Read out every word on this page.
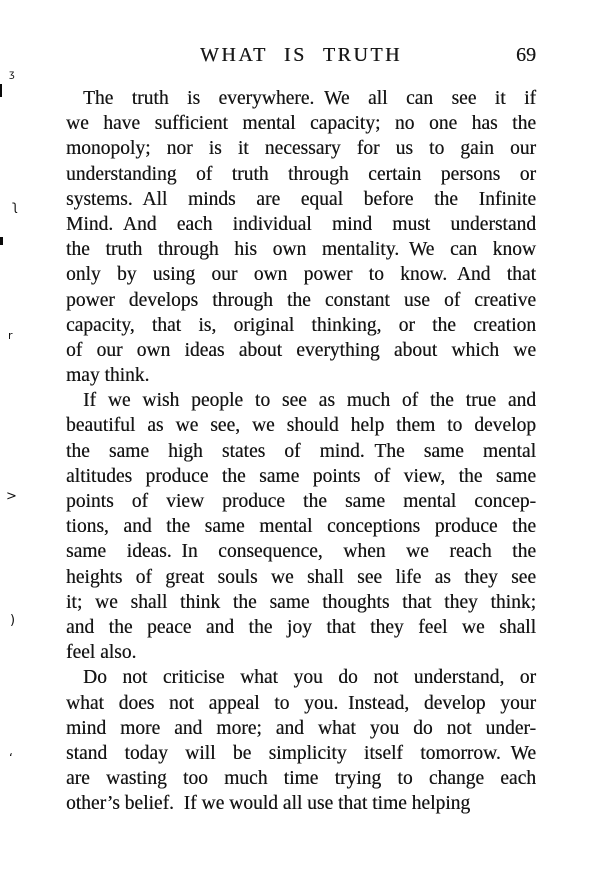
WHAT IS TRUTH	69
The truth is everywhere. We all can see it if
we have sufficient mental capacity; no one has the
monopoly; nor is it necessary for us to gain our
understanding of truth through certain persons or
systems. All minds are equal before the Infinite
Mind. And each individual mind must understand
the truth through his own mentality. We can know
only by using our own power to know. And that
power develops through the constant use of creative
capacity, that is, original thinking, or the creation
of our own ideas about everything about which we
may think.
If we wish people to see as much of the true and
beautiful as we see, we should help them to develop
the same high states of mind. The same mental
altitudes produce the same points of view, the same
points of view produce the same mental concep-
tions, and the same mental conceptions produce the
same ideas. In consequence, when we reach the
heights of great souls we shall see life as they see
it; we shall think the same thoughts that they think;
and the peace and the joy that they feel we shall
feel also.
Do not criticise what you do not understand, or
what does not appeal to you. Instead, develop your
mind more and more; and what you do not under-
stand today will be simplicity itself tomorrow. We
are wasting too much time trying to change each
other’s belief. If we would all use that time helping
ʒ
ʅ
r
>
)
ʻ
